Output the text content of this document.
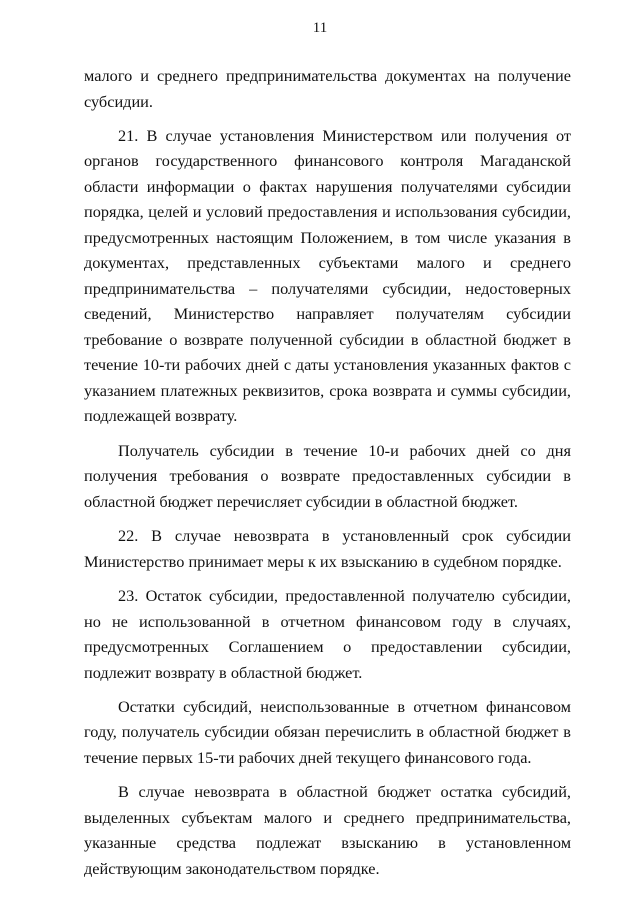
11

малого и среднего предпринимательства документах на получение субсидии.

21. В случае установления Министерством или получения от органов государственного финансового контроля Магаданской области информации о фактах нарушения получателями субсидии порядка, целей и условий предоставления и использования субсидии, предусмотренных настоящим Положением, в том числе указания в документах, представленных субъектами малого и среднего предпринимательства – получателями субсидии, недостоверных сведений, Министерство направляет получателям субсидии требование о возврате полученной субсидии в областной бюджет в течение 10-ти рабочих дней с даты установления указанных фактов с указанием платежных реквизитов, срока возврата и суммы субсидии, подлежащей возврату.

Получатель субсидии в течение 10-и рабочих дней со дня получения требования о возврате предоставленных субсидии в областной бюджет перечисляет субсидии в областной бюджет.

22. В случае невозврата в установленный срок субсидии Министерство принимает меры к их взысканию в судебном порядке.

23. Остаток субсидии, предоставленной получателю субсидии, но не использованной в отчетном финансовом году в случаях, предусмотренных Соглашением о предоставлении субсидии, подлежит возврату в областной бюджет.

Остатки субсидий, неиспользованные в отчетном финансовом году, получатель субсидии обязан перечислить в областной бюджет в течение первых 15-ти рабочих дней текущего финансового года.

В случае невозврата в областной бюджет остатка субсидий, выделенных субъектам малого и среднего предпринимательства, указанные средства подлежат взысканию в установленном действующим законодательством порядке.
